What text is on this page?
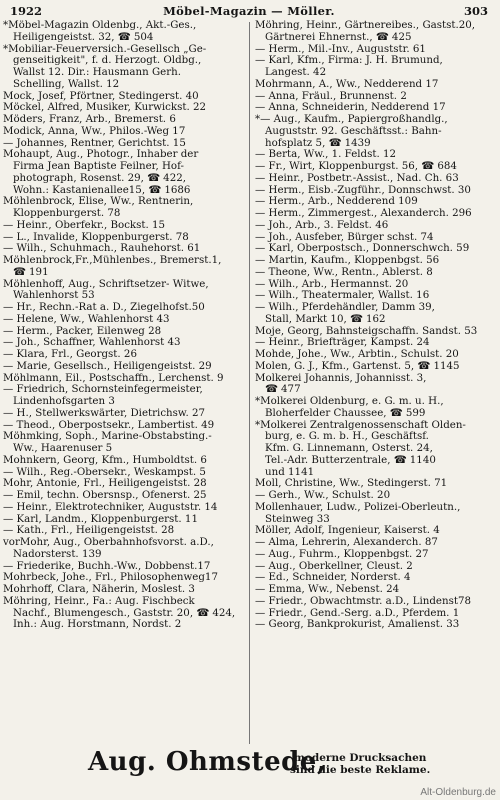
1922	Möbel-Magazin — Möller.	303
*Möbel-Magazin Oldenbg., Akt.-Ges.,
Heiligengeistst. 32, ☎ 504
*Mobiliar-Feuerversich.-Gesellsch „Ge-
genseitigkeit", f. d. Herzogt. Oldbg.,
Wallst 12. Dir.: Hausmann Gerh.
Schelling, Wallst. 12
Mock, Josef, Pförtner, Stedingerst. 40
Möckel, Alfred, Musiker, Kurwickst. 22
Möders, Franz, Arb., Bremerst. 6
Modick, Anna, Ww., Philos.-Weg 17
— Johannes, Rentner, Gerichtst. 15
Mohaupt, Aug., Photogr., Inhaber der
Firma Jean Baptiste Feilner, Hof-
photograph, Rosenst. 29, ☎ 422,
Wohn.: Kastanienallee15, ☎ 1686
Möhlenbrock, Elise, Ww., Rentnerin,
Kloppenburgerst. 78
— Heinr., Oberfekr., Bockst. 15
— L., Invalide, Kloppenburgerst. 78
— Wilh., Schuhmach., Rauhehorst. 61
Möhlenbrock,Fr.,Mühlenbes., Bremerst.1,
☎ 191
Möhlenhoff, Aug., Schriftsetzer- Witwe,
Wahlenhorst 53
— Hr., Rechn.-Rat a. D., Ziegelhofst.50
— Helene, Ww., Wahlenhorst 43
— Herm., Packer, Eilenweg 28
— Joh., Schaffner, Wahlenhorst 43
— Klara, Frl., Georgst. 26
— Marie, Gesellsch., Heiligengeistst. 29
Möhlmann, Eil., Postschaffn., Lerchenst. 9
— Friedrich, Schornsteinfegermeister,
Lindenhofsgarten 3
— H., Stellwerkswärter, Dietrichsw. 27
— Theod., Oberpostsekr., Lambertist. 49
Möhmking, Soph., Marine-Obstabsting.-
Ww., Haarenuser 5
Mohnkern, Georg, Kfm., Humboldtst. 6
— Wilh., Reg.-Obersekr., Weskampst. 5
Mohr, Antonie, Frl., Heiligengeistst. 28
— Emil, techn. Obersnsp., Ofenerst. 25
— Heinr., Elektrotechniker, Auguststr. 14
— Karl, Landm., Kloppenburgerst. 11
— Kath., Frl., Heiligengeistst. 28
vorMohr, Aug., Oberbahnhofsvorst. a.D.,
Nadorsterst. 139
— Friederike, Buchh.-Ww., Dobbenst.17
Mohrbeck, Johe., Frl., Philosophenweg17
Mohrhoff, Clara, Näherin, Moslest. 3
Möhring, Heinr., Fa.: Aug. Fischbeck
Nachf., Blumengesch., Gaststr. 20, ☎ 424,
Inh.: Aug. Horstmann, Nordst. 2
Möhring, Heinr., Gärtnereibes., Gastst.20,
Gärtnerei Ehnernst., ☎ 425
— Herm., Mil.-Inv., Auguststr. 61
— Karl, Kfm., Firma: J. H. Brumund,
Langest. 42
Mohrmann, A., Ww., Nedderend 17
— Anna, Fräul., Brunnenst. 2
— Anna, Schneiderin, Nedderend 17
*— Aug., Kaufm., Papiergroßhandlg.,
Auguststr. 92. Geschäftsst.: Bahn-
hofsplatz 5, ☎ 1439
— Berta, Ww., 1. Feldst. 12
— Fr., Wirt, Kloppenburgst. 56, ☎ 684
— Heinr., Postbetr.-Assist., Nad. Ch. 63
— Herm., Eisb.-Zugführ., Donnschwst. 30
— Herm., Arb., Nedderend 109
— Herm., Zimmergest., Alexanderch. 296
— Joh., Arb., 3. Feldst. 46
— Joh., Ausfeber, Bürger schst. 74
— Karl, Oberpostsch., Donnerschwch. 59
— Martin, Kaufm., Kloppenbgst. 56
— Theone, Ww., Rentn., Ablerst. 8
— Wilh., Arb., Hermannst. 20
— Wilh., Theatermaler, Wallst. 16
— Wilh., Pferdehändler, Damm 39,
Stall, Markt 10, ☎ 162
Moje, Georg, Bahnsteigschaffn. Sandst. 53
— Heinr., Briefträger, Kampst. 24
Mohde, Johe., Ww., Arbtin., Schulst. 20
Molen, G. J., Kfm., Gartenst. 5, ☎ 1145
Molkerei Johannis, Johannisst. 3,
☎ 477
*Molkerei Oldenburg, e. G. m. u. H.,
Bloherfelder Chaussee, ☎ 599
*Molkerei Zentralgenossenschaft Olden-
burg, e. G. m. b. H., Geschäftsf.
Kfm. G. Linnemann, Osterst. 24,
Tel.-Adr. Butterzentrale, ☎ 1140
und 1141
Moll, Christine, Ww., Stedingerst. 71
— Gerh., Ww., Schulst. 20
Mollenhauer, Ludw., Polizei-Oberleutn.,
Steinweg 33
Möller, Adolf, Ingenieur, Kaiserst. 4
— Alma, Lehrerin, Alexanderch. 87
— Aug., Fuhrm., Kloppenbgst. 27
— Aug., Oberkellner, Cleust. 2
— Ed., Schneider, Norderst. 4
— Emma, Ww., Nebenst. 24
— Friedr., Obwachtmstr. a.D., Lindenst78
— Friedr., Gend.-Serg. a.D., Pferdem. 1
— Georg, Bankprokurist, Amalienst. 33
Aug. Ohmstede,
moderne Drucksachen
sind die beste Reklame.
Alt-Oldenburg.de
